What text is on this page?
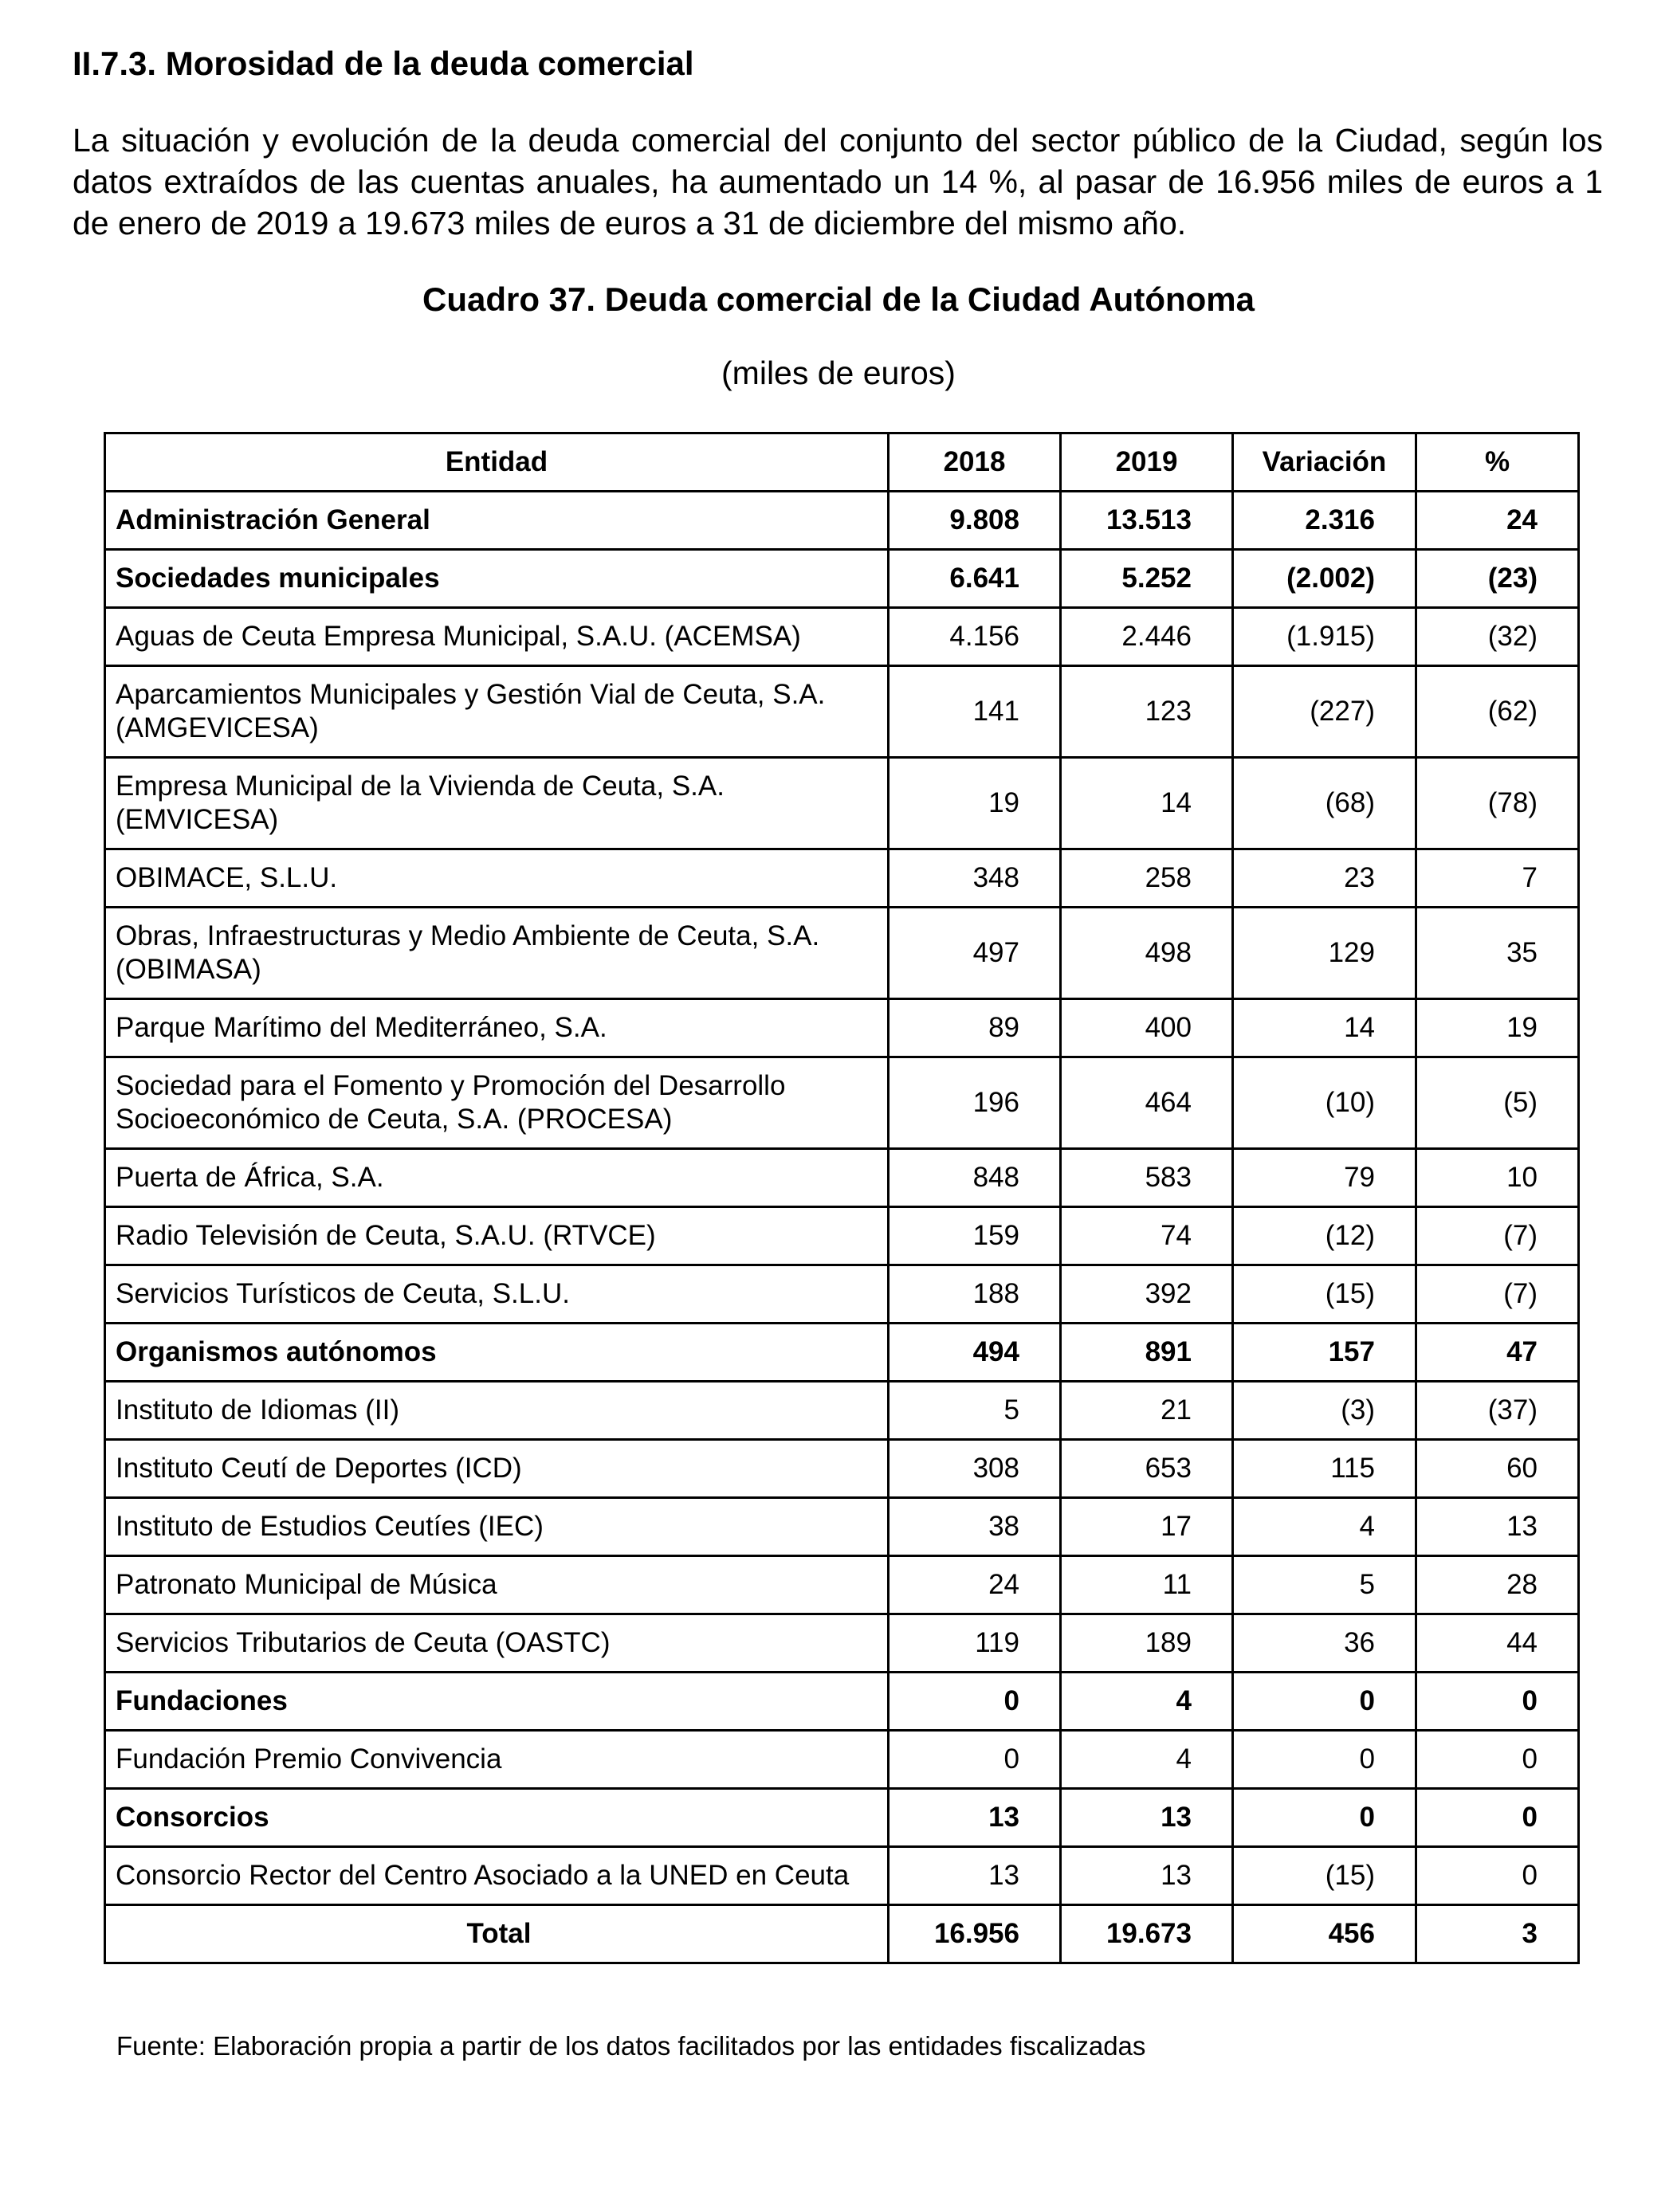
II.7.3. Morosidad de la deuda comercial
La situación y evolución de la deuda comercial del conjunto del sector público de la Ciudad, según los datos extraídos de las cuentas anuales, ha aumentado un 14 %, al pasar de 16.956 miles de euros a 1 de enero de 2019 a 19.673 miles de euros a 31 de diciembre del mismo año.
Cuadro 37. Deuda comercial de la Ciudad Autónoma
(miles de euros)
Entidad	2018	2019	Variación	%
Administración General	9.808	13.513	2.316	24
Sociedades municipales	6.641	5.252	(2.002)	(23)
Aguas de Ceuta Empresa Municipal, S.A.U. (ACEMSA)	4.156	2.446	(1.915)	(32)
Aparcamientos Municipales y Gestión Vial de Ceuta, S.A. (AMGEVICESA)	141	123	(227)	(62)
Empresa Municipal de la Vivienda de Ceuta, S.A. (EMVICESA)	19	14	(68)	(78)
OBIMACE, S.L.U.	348	258	23	7
Obras, Infraestructuras y Medio Ambiente de Ceuta, S.A. (OBIMASA)	497	498	129	35
Parque Marítimo del Mediterráneo, S.A.	89	400	14	19
Sociedad para el Fomento y Promoción del Desarrollo Socioeconómico de Ceuta, S.A. (PROCESA)	196	464	(10)	(5)
Puerta de África, S.A.	848	583	79	10
Radio Televisión de Ceuta, S.A.U. (RTVCE)	159	74	(12)	(7)
Servicios Turísticos de Ceuta, S.L.U.	188	392	(15)	(7)
Organismos autónomos	494	891	157	47
Instituto de Idiomas (II)	5	21	(3)	(37)
Instituto Ceutí de Deportes (ICD)	308	653	115	60
Instituto de Estudios Ceutíes (IEC)	38	17	4	13
Patronato Municipal de Música	24	11	5	28
Servicios Tributarios de Ceuta (OASTC)	119	189	36	44
Fundaciones	0	4	0	0
Fundación Premio Convivencia	0	4	0	0
Consorcios	13	13	0	0
Consorcio Rector del Centro Asociado a la UNED en Ceuta	13	13	(15)	0
Total	16.956	19.673	456	3
Fuente: Elaboración propia a partir de los datos facilitados por las entidades fiscalizadas
